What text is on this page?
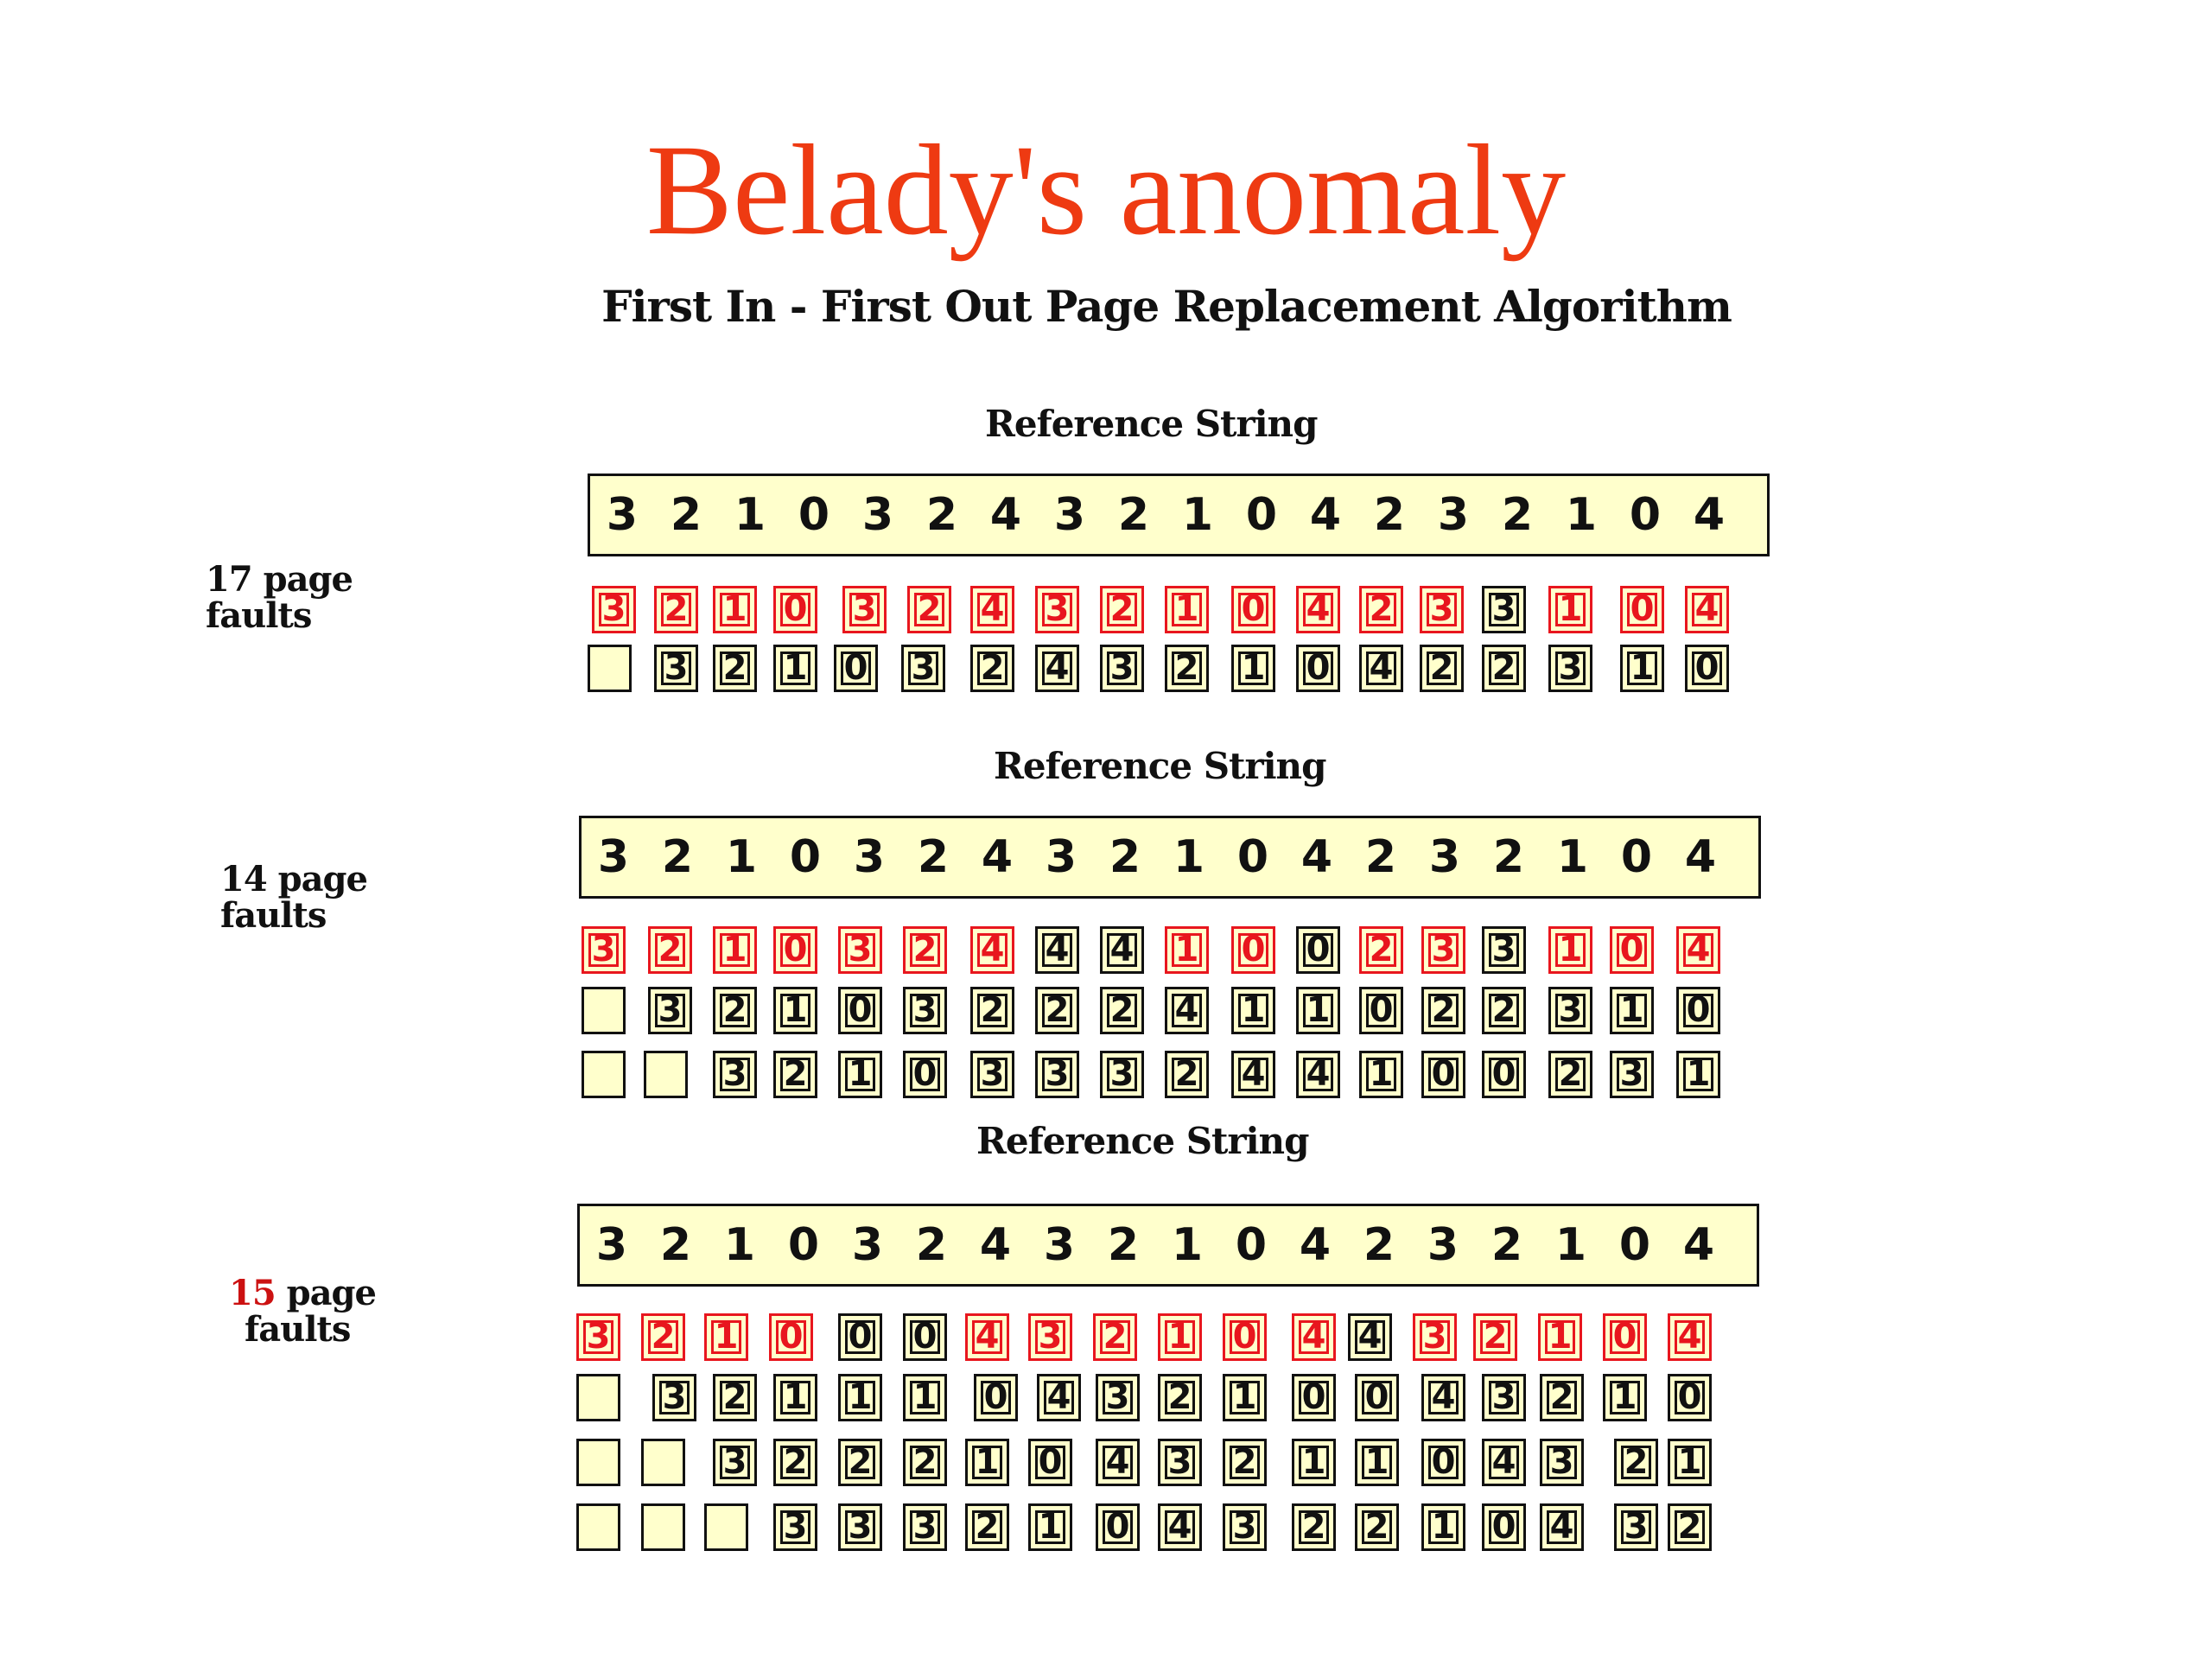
Belady's anomaly
First In - First Out Page Replacement Algorithm
Reference String
3 2 1 0 3 2 4 3 2 1 0 4 2 3 2 1 0 4
17 page
faults	3 2 1 0 3 2 4 3 2 1 0 4 2 3 3 1 0 4
3 2 1 0 3 2 4 3 2 1 0 4 2 2 3 1 0
Reference String
3 2 1 0 3 2 4 3 2 1 0 4 2 3 2 1 0 4
14 page
faults
3 2 1 0 3 2 4 4 4 1 0 0 2 3 3 1 0 4
3 2 1 0 3 2 2 2 4 1 1 0 2 2 3 1 0
3 2 1 0 3 3 3 2 4 4 1 0 0 2 3 1
Reference String
3 2 1 0 3 2 4 3 2 1 0 4 2 3 2 1 0 4
15 page
faults	3 2 1 0 0 0 4 3 2 1 0 4 4 3 2 1 0 4
3 2 1 1 1 0 4 3 2 1 0 0 4 3 2 1 0
3 2 2 2 1 0 4 3 2 1 1 0 4 3 2 1
3 3 3 2 1 0 4 3 2 2 1 0 4 3 2
